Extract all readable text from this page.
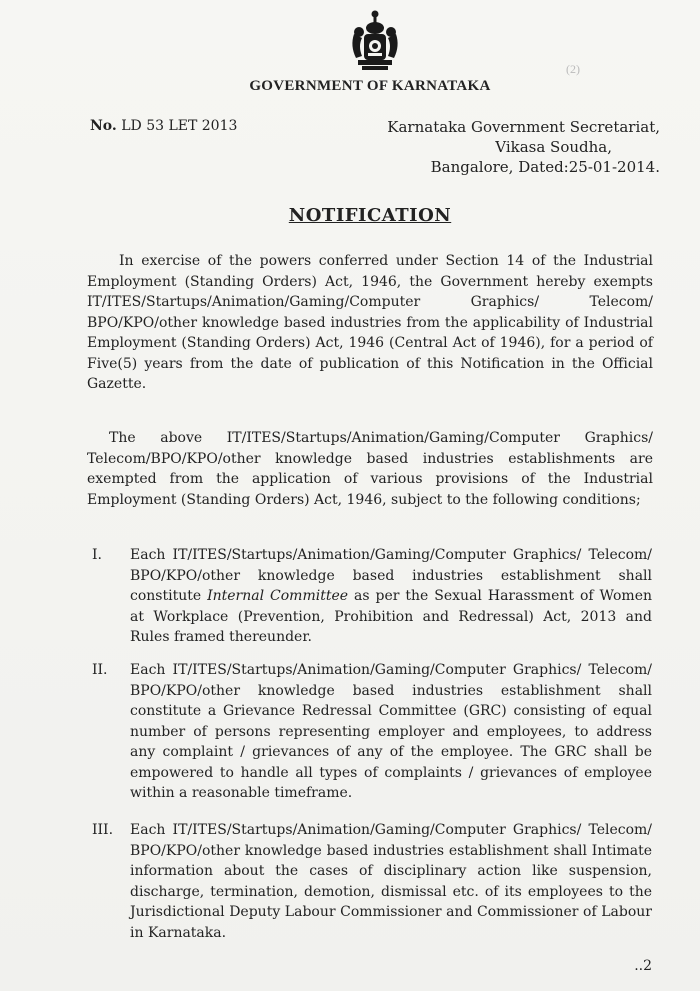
(2)
GOVERNMENT OF KARNATAKA
No. LD 53 LET 2013	Karnataka Government Secretariat,
Vikasa Soudha,
Bangalore, Dated:25-01-2014.
NOTIFICATION
In exercise of the powers conferred under Section 14 of the Industrial Employment (Standing Orders) Act, 1946, the Government hereby exempts IT/ITES/Startups/Animation/Gaming/Computer Graphics/ Telecom/ BPO/KPO/other knowledge based industries from the applicability of Industrial Employment (Standing Orders) Act, 1946 (Central Act of 1946), for a period of Five(5) years from the date of publication of this Notification in the Official Gazette.
The above IT/ITES/Startups/Animation/Gaming/Computer Graphics/ Telecom/BPO/KPO/other knowledge based industries establishments are exempted from the application of various provisions of the Industrial Employment (Standing Orders) Act, 1946, subject to the following conditions;
I.	Each IT/ITES/Startups/Animation/Gaming/Computer Graphics/ Telecom/ BPO/KPO/other knowledge based industries establishment shall constitute Internal Committee as per the Sexual Harassment of Women at Workplace (Prevention, Prohibition and Redressal) Act, 2013 and Rules framed thereunder.
II.	Each IT/ITES/Startups/Animation/Gaming/Computer Graphics/ Telecom/ BPO/KPO/other knowledge based industries establishment shall constitute a Grievance Redressal Committee (GRC) consisting of equal number of persons representing employer and employees, to address any complaint / grievances of any of the employee. The GRC shall be empowered to handle all types of complaints / grievances of employee within a reasonable timeframe.
III.	Each IT/ITES/Startups/Animation/Gaming/Computer Graphics/ Telecom/ BPO/KPO/other knowledge based industries establishment shall Intimate information about the cases of disciplinary action like suspension, discharge, termination, demotion, dismissal etc. of its employees to the Jurisdictional Deputy Labour Commissioner and Commissioner of Labour in Karnataka.
..2
